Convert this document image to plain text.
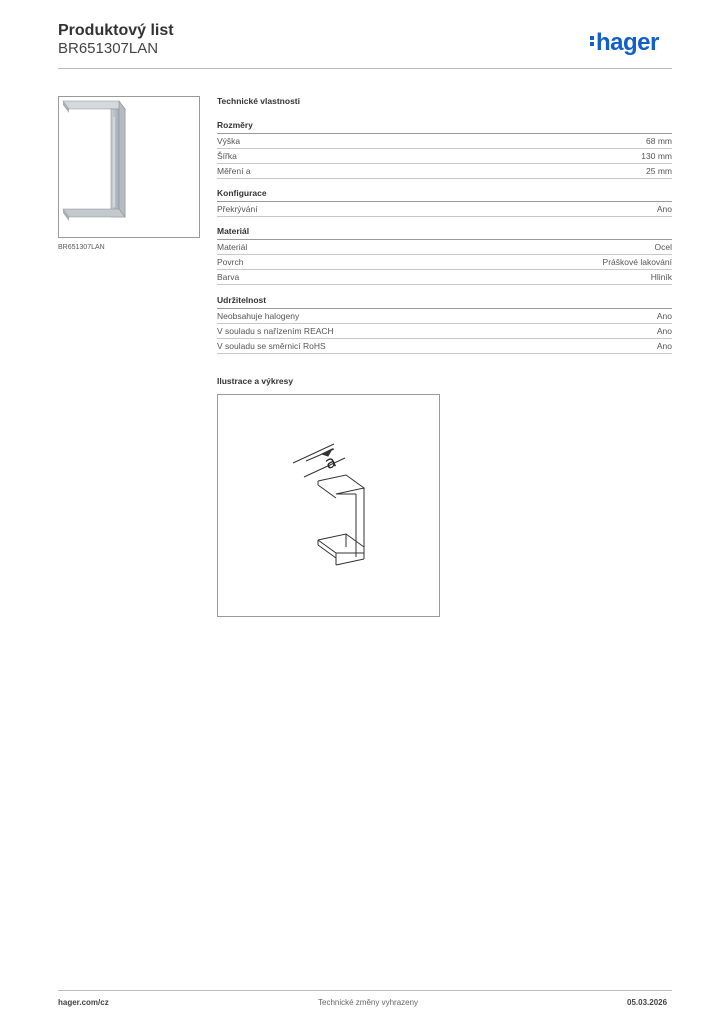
Produktový list
BR651307LAN	hager
BR651307LAN
Technické vlastnosti
Rozměry
Výška	68 mm
Šířka	130 mm
Měření a	25 mm
Konfigurace
Překrývání	Ano
Materiál
Materiál	Ocel
Povrch	Práškové lakování
Barva	Hliník
Udržitelnost
Neobsahuje halogeny	Ano
V souladu s nařízením REACH	Ano
V souladu se směrnicí RoHS	Ano
Ilustrace a výkresy
a
hager.com/cz	Technické změny vyhrazeny	05.03.2026
